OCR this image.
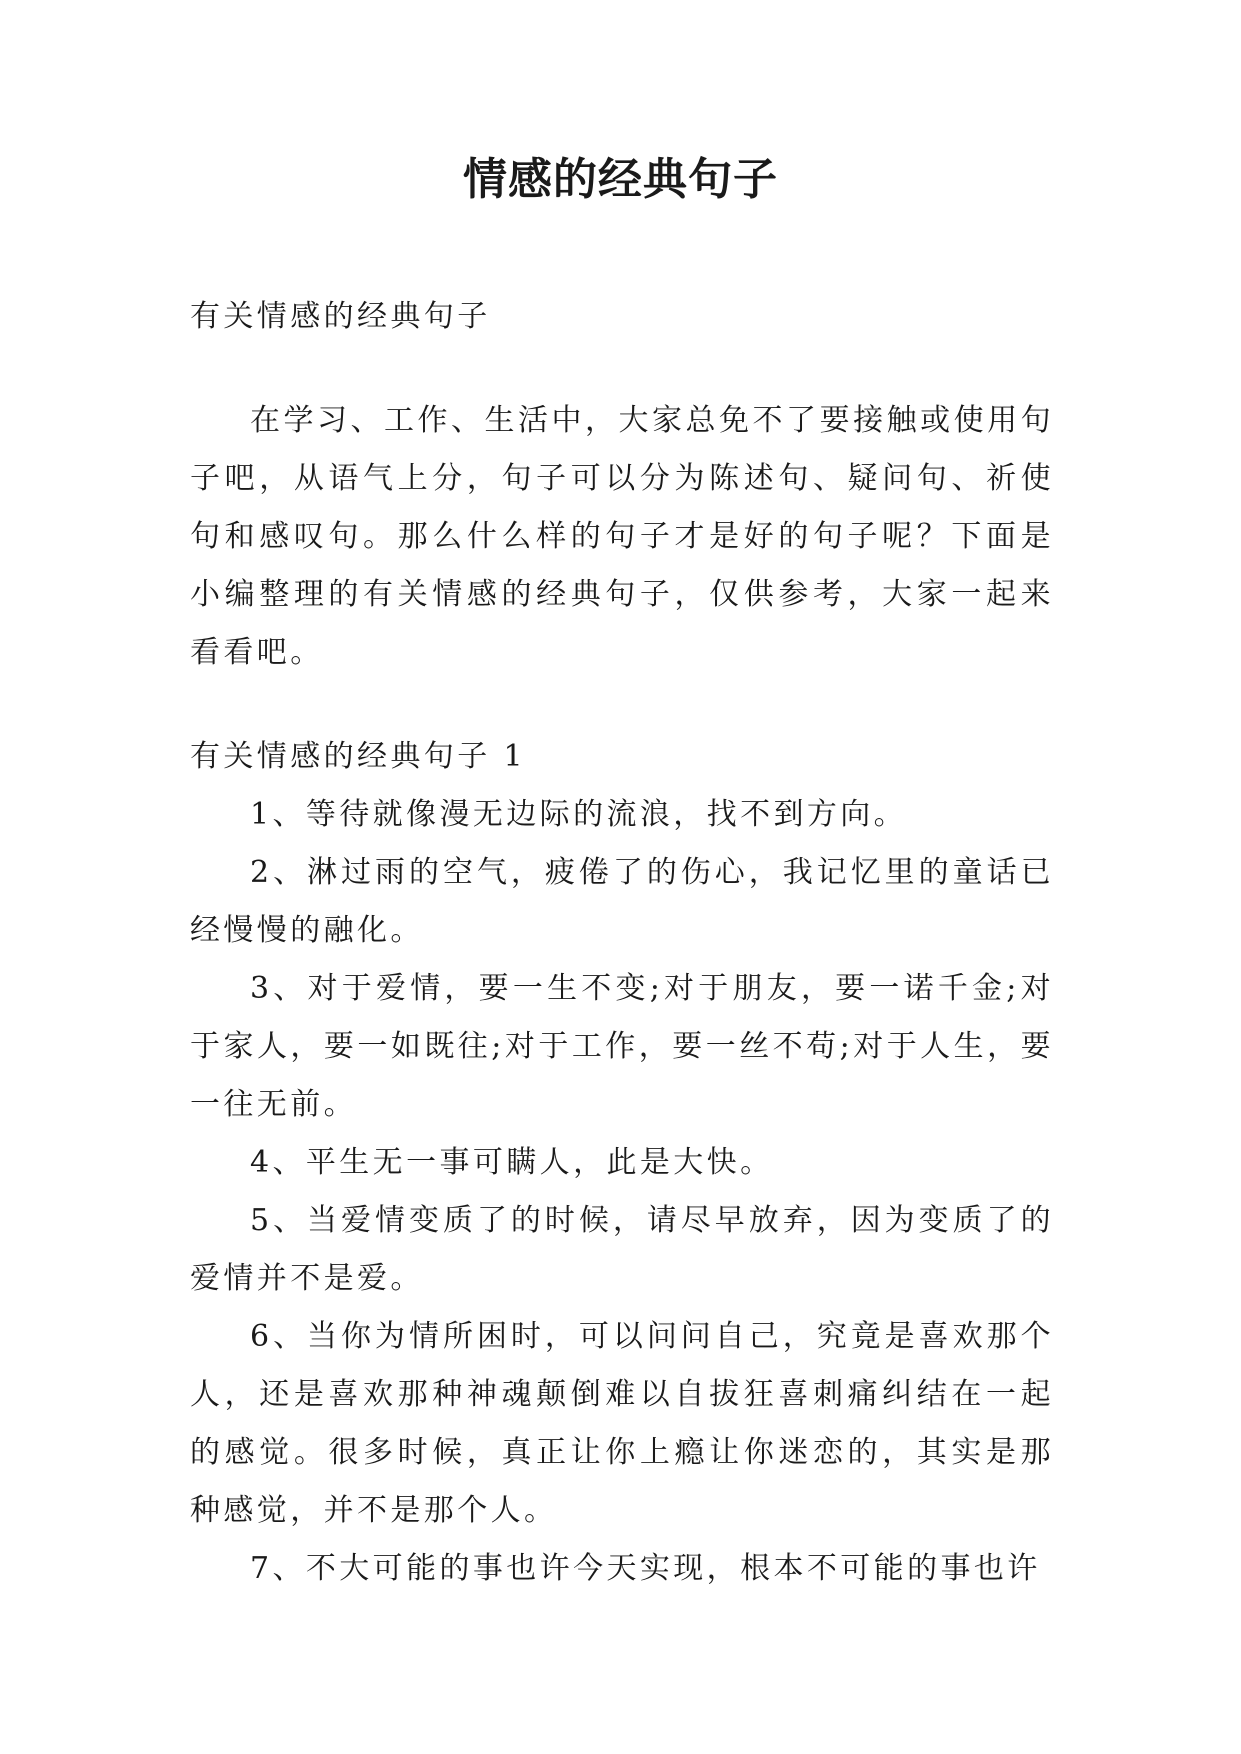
情感的经典句子

有关情感的经典句子

在学习、工作、生活中，大家总免不了要接触或使用句子吧，从语气上分，句子可以分为陈述句、疑问句、祈使句和感叹句。那么什么样的句子才是好的句子呢？下面是小编整理的有关情感的经典句子，仅供参考，大家一起来看看吧。

有关情感的经典句子 1

1、等待就像漫无边际的流浪，找不到方向。

2、淋过雨的空气，疲倦了的伤心，我记忆里的童话已经慢慢的融化。

3、对于爱情，要一生不变;对于朋友，要一诺千金;对于家人，要一如既往;对于工作，要一丝不苟;对于人生，要一往无前。

4、平生无一事可瞒人，此是大快。

5、当爱情变质了的时候，请尽早放弃，因为变质了的爱情并不是爱。

6、当你为情所困时，可以问问自己，究竟是喜欢那个人，还是喜欢那种神魂颠倒难以自拔狂喜刺痛纠结在一起的感觉。很多时候，真正让你上瘾让你迷恋的，其实是那种感觉，并不是那个人。

7、不大可能的事也许今天实现，根本不可能的事也许
